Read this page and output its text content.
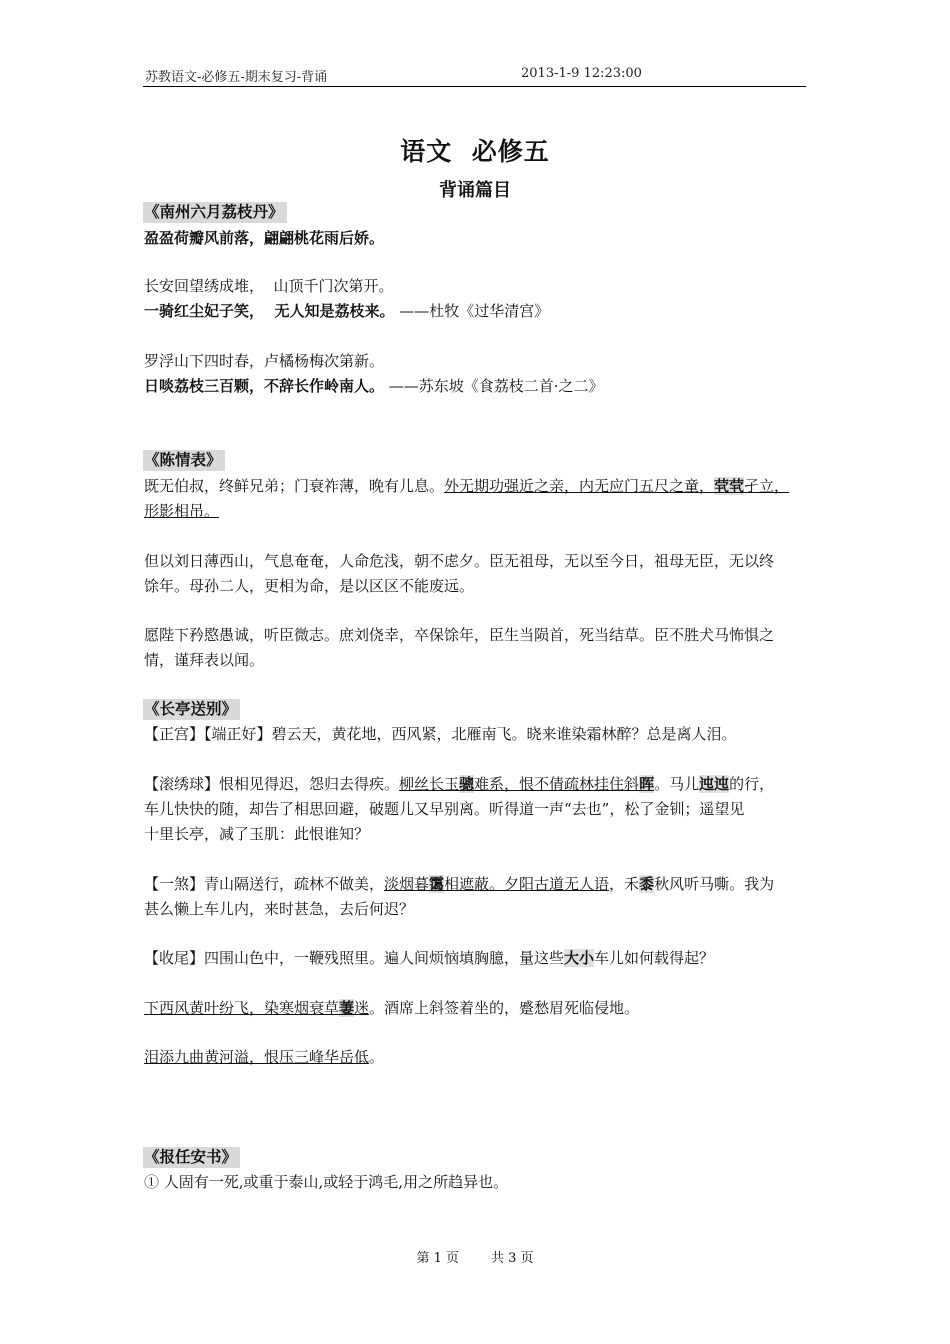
苏教语文-必修五-期末复习-背诵	2013-1-9 12:23:00
语文  必修五
背诵篇目
《南州六月荔枝丹》
盈盈荷瓣风前落，翩翩桃花雨后娇。
长安回望绣成堆，  山顶千门次第开。
一骑红尘妃子笑，  无人知是荔枝来。 ——杜牧《过华清宫》
罗浮山下四时春，卢橘杨梅次第新。
日啖荔枝三百颗，不辞长作岭南人。 ——苏东坡《食荔枝二首·之二》
《陈情表》
既无伯叔，终鲜兄弟；门衰祚薄，晚有儿息。外无期功强近之亲，内无应门五尺之童，茕茕孑立，
形影相吊。
但以刘日薄西山，气息奄奄，人命危浅，朝不虑夕。臣无祖母，无以至今日，祖母无臣，无以终
馀年。母孙二人，更相为命，是以区区不能废远。
愿陛下矜愍愚诚，听臣微志。庶刘侥幸，卒保馀年，臣生当陨首，死当结草。臣不胜犬马怖惧之
情，谨拜表以闻。
《长亭送别》
【正宫】【端正好】碧云天，黄花地，西风紧，北雁南飞。晓来谁染霜林醉？总是离人泪。
【滚绣球】恨相见得迟，怨归去得疾。柳丝长玉骢难系，恨不倩疏林挂住斜晖。马儿迍迍的行，
车儿快快的随，却告了相思回避，破题儿又早别离。听得道一声“去也”，松了金钏；遥望见
十里长亭，减了玉肌：此恨谁知？
【一煞】青山隔送行，疏林不做美，淡烟暮霭相遮蔽。夕阳古道无人语，禾黍秋风听马嘶。我为
甚么懒上车儿内，来时甚急，去后何迟？
【收尾】四围山色中，一鞭残照里。遍人间烦恼填胸臆，量这些大小车儿如何载得起？
下西风黄叶纷飞，染寒烟衰草萋迷。酒席上斜签着坐的，蹙愁眉死临侵地。
泪添九曲黄河溢，恨压三峰华岳低。
《报任安书》
① 人固有一死,或重于泰山,或轻于鸿毛,用之所趋异也。
第 1 页 共 3 页
